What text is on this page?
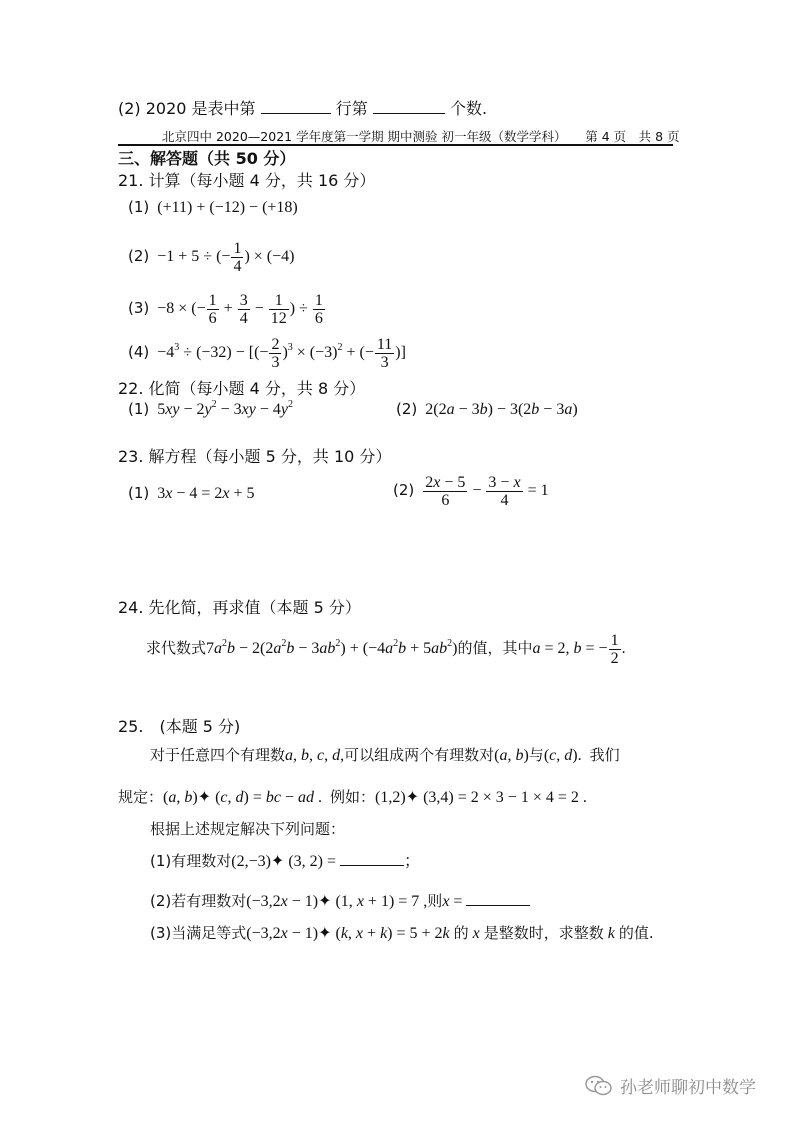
(2) 2020 是表中第	行第	个数.
北京四中 2020—2021 学年度第一学期 期中测验 初一年级（数学学科）　　第 4 页　共 8 页
三、解答题（共 50 分）
21. 计算（每小题 4 分，共 16 分）
(1)  (+11) + (−12) − (+18)
(2)  −1 + 5 ÷ (− $\frac{1}{4}$ ) × (−4)
(3)  −8 × (− $\frac{1}{6} + \frac{3}{4} - \frac{1}{12}$ ) ÷ $\frac{1}{6}$
$(4) -4^3 \div (-32)$ − [(− $\frac{2}{3} )^3 \times (-3)^2$ + (− $\frac{11}{3}$ )]
22. 化简（每小题 4 分，共 8 分）
(1)  $5xy - 2y^2 - 3xy - 4y^2$	(2)  2(2a − 3b) − 3(2b − 3a)
23. 解方程（每小题 5 分，共 10 分）
(1)  3x − 4 = 2x + 5	$(2) \frac{2x - 5}{6} - \frac{3 - x}{4} = 1$
24. 先化简，再求值（本题 5 分）
求代数式$7a^2b - 2(2a^2b - 3ab^2) + (-4a^2b + 5ab^2)$的值，其中a = 2, b = − $\frac{1}{2}$ .
25.　(本题 5 分)
对于任意四个有理数a, b, c, d,可以组成两个有理数对(a, b)与(c, d).  我们
规定：(a, b)✦ (c, d) = bc − ad .  例如：(1,2)✦ (3,4) = 2 × 3 − 1 × 4 = 2 .
根据上述规定解决下列问题：
(1)有理数对(2,−3)✦ (3, 2) =	；
(2)若有理数对(−3,2x − 1)✦ (1, x + 1) = 7 ,则x =
(3)当满足等式(−3,2x − 1)✦ (k, x + k) = 5 + 2k 的 x 是整数时，求整数 k 的值.
孙老师聊初中数学
